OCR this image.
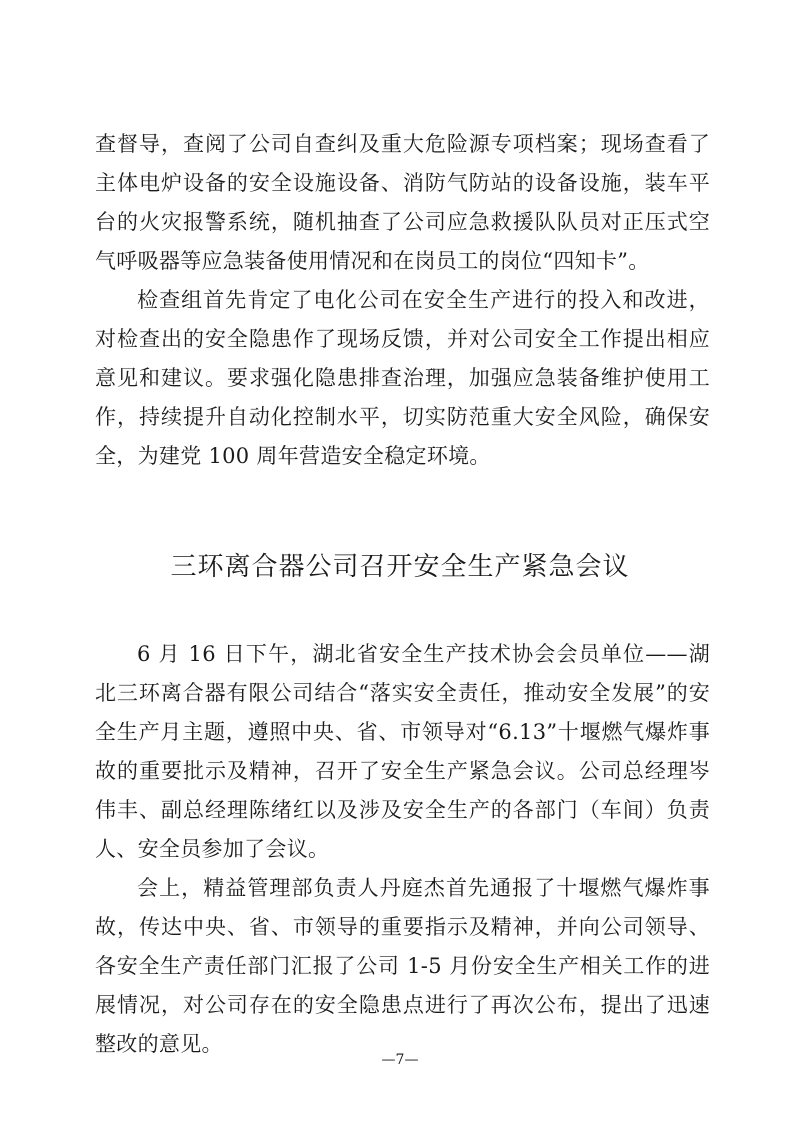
查督导，查阅了公司自查纠及重大危险源专项档案；现场查看了主体电炉设备的安全设施设备、消防气防站的设备设施，装车平台的火灾报警系统，随机抽查了公司应急救援队队员对正压式空气呼吸器等应急装备使用情况和在岗员工的岗位“四知卡”。

检查组首先肯定了电化公司在安全生产进行的投入和改进，对检查出的安全隐患作了现场反馈，并对公司安全工作提出相应意见和建议。要求强化隐患排查治理，加强应急装备维护使用工作，持续提升自动化控制水平，切实防范重大安全风险，确保安全，为建党 100 周年营造安全稳定环境。

三环离合器公司召开安全生产紧急会议

6 月 16 日下午，湖北省安全生产技术协会会员单位——湖北三环离合器有限公司结合“落实安全责任，推动安全发展”的安全生产月主题，遵照中央、省、市领导对“6.13”十堰燃气爆炸事故的重要批示及精神，召开了安全生产紧急会议。公司总经理岑伟丰、副总经理陈绪红以及涉及安全生产的各部门（车间）负责人、安全员参加了会议。

会上，精益管理部负责人丹庭杰首先通报了十堰燃气爆炸事故，传达中央、省、市领导的重要指示及精神，并向公司领导、各安全生产责任部门汇报了公司 1-5 月份安全生产相关工作的进展情况，对公司存在的安全隐患点进行了再次公布，提出了迅速整改的意见。

—7—
